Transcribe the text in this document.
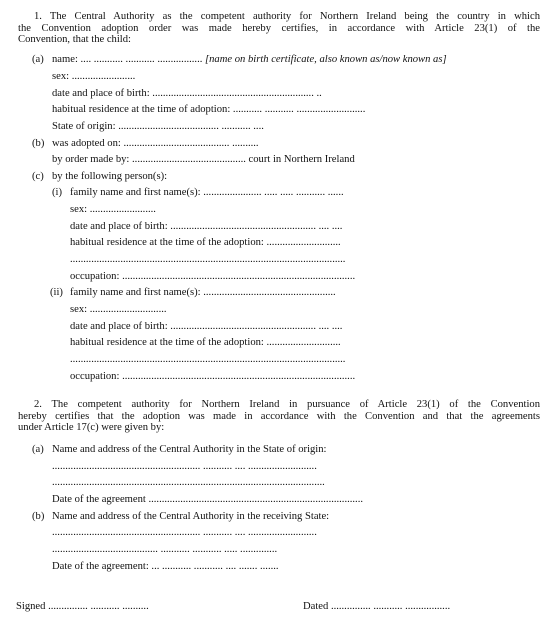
1. The Central Authority as the competent authority for Northern Ireland being the country in which
the Convention adoption order was made hereby certifies, in accordance with Article 23(1) of the
Convention, that the child:
(a) name: .... ........... ........... ................. [name on birth certificate, also known as/now known as]
sex: ........................
date and place of birth: ............................................................. ..
habitual residence at the time of adoption: ........... ........... ..........................
State of origin: ...................................... ........... ....
(b) was adopted on: ........................................ ..........
by order made by: ........................................... court in Northern Ireland
(c) by the following person(s):
(i) family name and first name(s): ...................... ..... ..... ........... ......
sex: .........................
date and place of birth: ....................................................... .... ....
habitual residence at the time of the adoption: ............................
........................................................................................................
occupation: ........................................................................................
(ii) family name and first name(s): ..................................................
sex: .............................
date and place of birth: ....................................................... .... ....
habitual residence at the time of the adoption: ............................
........................................................................................................
occupation: ........................................................................................
2. The competent authority for Northern Ireland in pursuance of Article 23(1) of the Convention
hereby certifies that the adoption was made in accordance with the Convention and that the agreements
under Article 17(c) were given by:
(a) Name and address of the Central Authority in the State of origin:
........................................................ ........... .... ..........................
.......................................................................................................
Date of the agreement .................................................................................
(b) Name and address of the Central Authority in the receiving State:
........................................................ ........... .... ..........................
........................................ ........... ........... ..... ..............
Date of the agreement: ... ........... ........... .... ....... .......
Signed ............... ........... ..........	Dated ............... ........... .................
